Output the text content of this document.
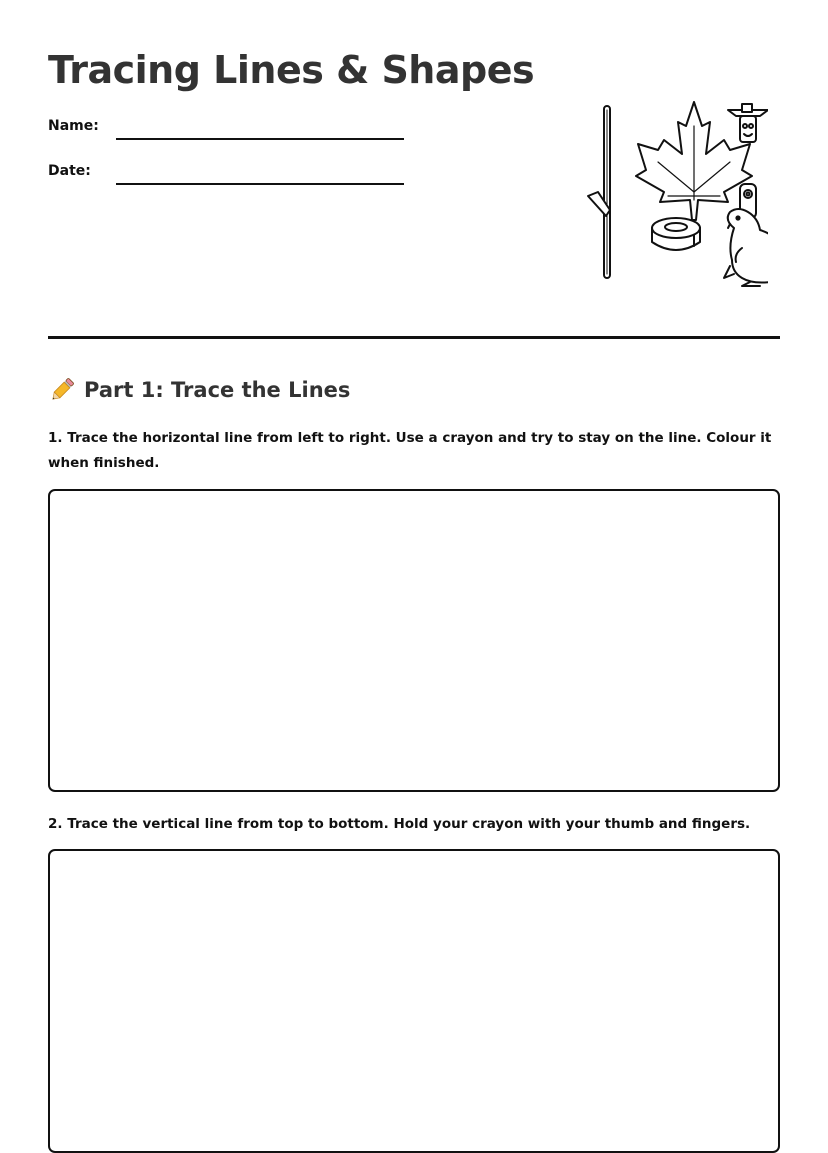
Tracing Lines & Shapes
Name:
Date:
Part 1: Trace the Lines
1. Trace the horizontal line from left to right. Use a crayon and try to stay on the line. Colour it when finished.
2. Trace the vertical line from top to bottom. Hold your crayon with your thumb and fingers.
